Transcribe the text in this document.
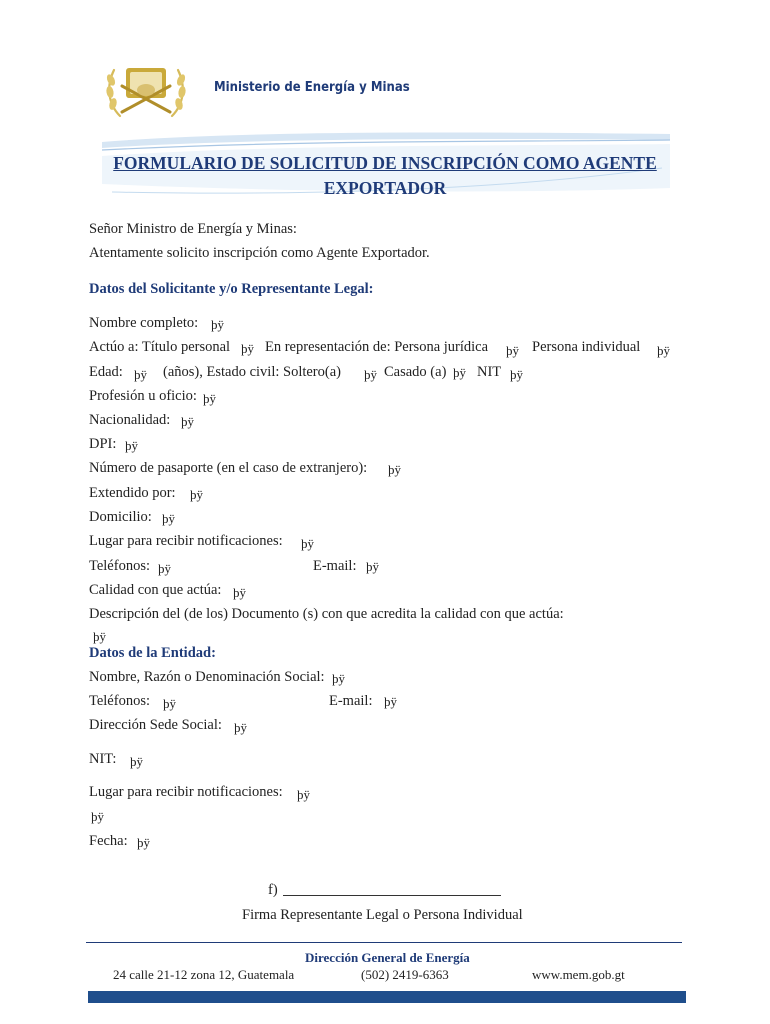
Ministerio de Energía y Minas
FORMULARIO DE SOLICITUD DE INSCRIPCIÓN COMO AGENTE
EXPORTADOR
Señor Ministro de Energía y Minas:
Atentamente solicito inscripción como Agente Exportador.
Datos del Solicitante y/o Representante Legal:
Nombre completo: þÿ
Actúo a: Título personal þÿ En representación de: Persona jurídica þÿ Persona individual þÿ
Edad: þÿ (años), Estado civil: Soltero(a) þÿ Casado (a) þÿ NIT þÿ
Profesión u oficio: þÿ
Nacionalidad: þÿ
DPI: þÿ
Número de pasaporte (en el caso de extranjero): þÿ
Extendido por: þÿ
Domicilio: þÿ
Lugar para recibir notificaciones: þÿ
Teléfonos: þÿ	E-mail: þÿ
Calidad con que actúa: þÿ
Descripción del (de los) Documento (s) con que acredita la calidad con que actúa:
þÿ
Datos de la Entidad:
Nombre, Razón o Denominación Social: þÿ
Teléfonos: þÿ	E-mail: þÿ
Dirección Sede Social: þÿ
NIT: þÿ
Lugar para recibir notificaciones: þÿ
þÿ
Fecha: þÿ
f)
Firma Representante Legal o Persona Individual
Dirección General de Energía
24 calle 21-12 zona 12, Guatemala	(502) 2419-6363	www.mem.gob.gt
